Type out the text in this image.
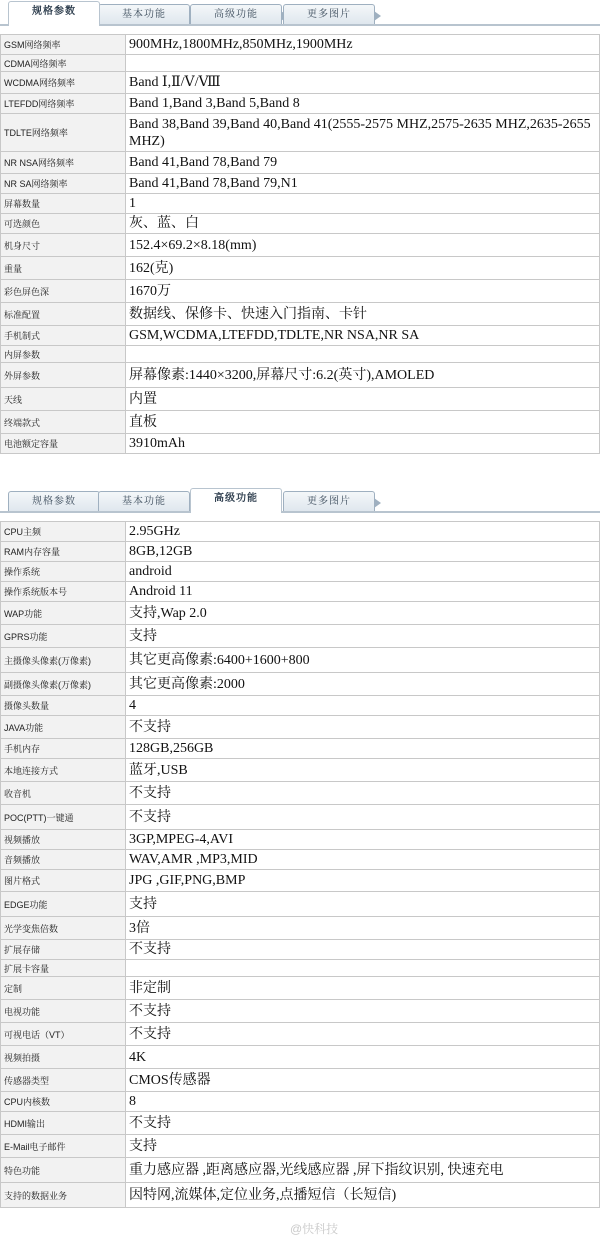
规格参数	基本功能	高级功能	更多图片
GSM网络频率	900MHz,1800MHz,850MHz,1900MHz
CDMA网络频率	
WCDMA网络频率	Band Ⅰ,Ⅱ/Ⅴ/Ⅷ
LTEFDD网络频率	Band 1,Band 3,Band 5,Band 8
TDLTE网络频率	Band 38,Band 39,Band 40,Band 41(2555-2575 MHZ,2575-2635 MHZ,2635-2655 MHZ)
NR NSA网络频率	Band 41,Band 78,Band 79
NR SA网络频率	Band 41,Band 78,Band 79,N1
屏幕数量	1
可选颜色	灰、蓝、白
机身尺寸	152.4×69.2×8.18(mm)
重量	162(克)
彩色屏色深	1670万
标准配置	数据线、保修卡、快速入门指南、卡针
手机制式	GSM,WCDMA,LTEFDD,TDLTE,NR NSA,NR SA
内屏参数	
外屏参数	屏幕像素:1440×3200,屏幕尺寸:6.2(英寸),AMOLED
天线	内置
终端款式	直板
电池额定容量	3910mAh
规格参数	基本功能	高级功能	更多图片
CPU主频	2.95GHz
RAM内存容量	8GB,12GB
操作系统	android
操作系统版本号	Android 11
WAP功能	支持,Wap 2.0
GPRS功能	支持
主摄像头像素(万像素)	其它更高像素:6400+1600+800
副摄像头像素(万像素)	其它更高像素:2000
摄像头数量	4
JAVA功能	不支持
手机内存	128GB,256GB
本地连接方式	蓝牙,USB
收音机	不支持
POC(PTT)一键通	不支持
视频播放	3GP,MPEG-4,AVI
音频播放	WAV,AMR ,MP3,MID
图片格式	JPG ,GIF,PNG,BMP
EDGE功能	支持
光学变焦倍数	3倍
扩展存储	不支持
扩展卡容量	
定制	非定制
电视功能	不支持
可视电话（VT）	不支持
视频拍摄	4K
传感器类型	CMOS传感器
CPU内核数	8
HDMI输出	不支持
E-Mail电子邮件	支持
特色功能	重力感应器 ,距离感应器,光线感应器 ,屏下指纹识别, 快速充电
支持的数据业务	因特网,流媒体,定位业务,点播短信（长短信)
@快科技
